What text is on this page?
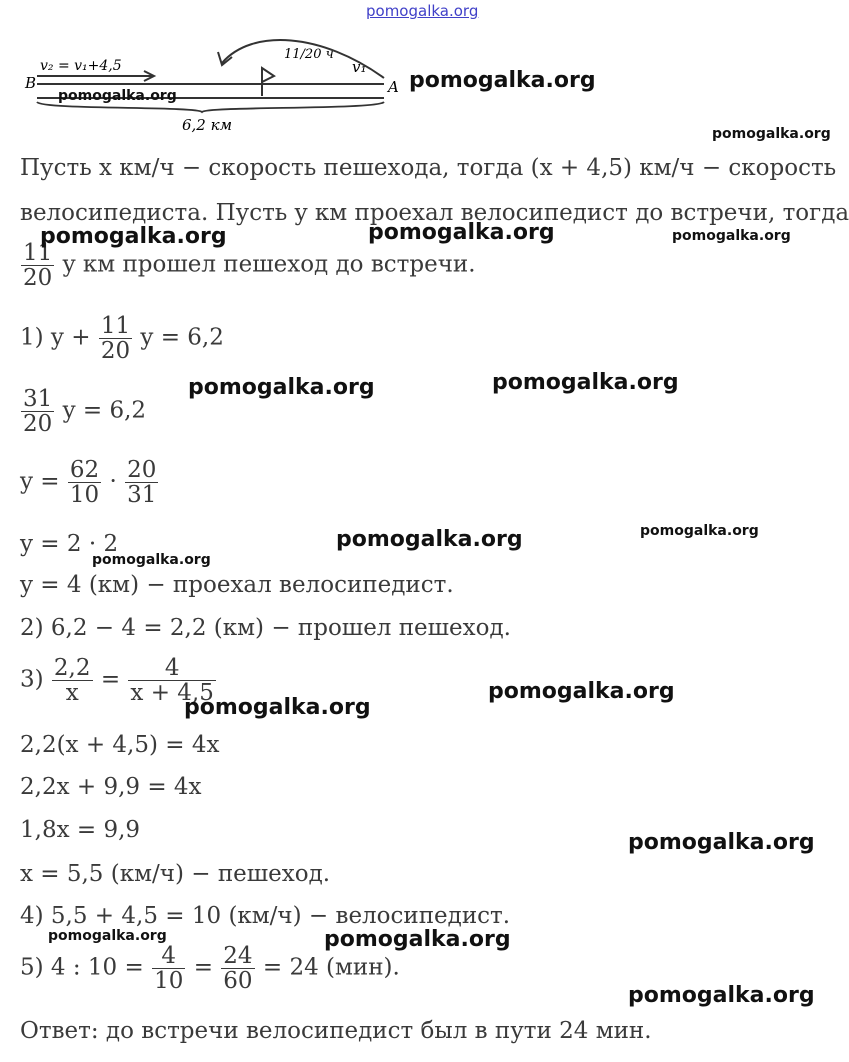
pomogalka.org
B
v₂ = v₁+4,5
11/20 ч
v₁
A
6,2 км
Пусть x км/ч − скорость пешехода, тогда (x + 4,5) км/ч − скорость
велосипедиста. Пусть y км проехал велосипедист до встречи, тогда
$\frac{11}{20}$ y км прошел пешеход до встречи.
1) $y + \frac{11}{20}$ y = 6,2
$\frac{31}{20}$ y = 6,2
$y = \frac{62}{10} \cdot \frac{20}{31}$
y = 2 · 2
y = 4 (км) − проехал велосипедист.
2) 6,2 − 4 = 2,2 (км) − прошел пешеход.
$3) \frac{2,2}{x} = \frac{4}{x + 4,5}$
2,2(x + 4,5) = 4x
2,2x + 9,9 = 4x
1,8x = 9,9
x = 5,5 (км/ч) − пешеход.
4) 5,5 + 4,5 = 10 (км/ч) − велосипедист.
5) 4 : $10 = \frac{4}{10} = \frac{24}{60} = 24$ (мин).
Ответ: до встречи велосипедист был в пути 24 мин.
pomogalka.org
pomogalka.org
pomogalka.org
pomogalka.org	pomogalka.org	pomogalka.org
pomogalka.org	pomogalka.org
pomogalka.org
pomogalka.org
pomogalka.org
pomogalka.org
pomogalka.org
pomogalka.org
pomogalka.org	pomogalka.org
pomogalka.org
